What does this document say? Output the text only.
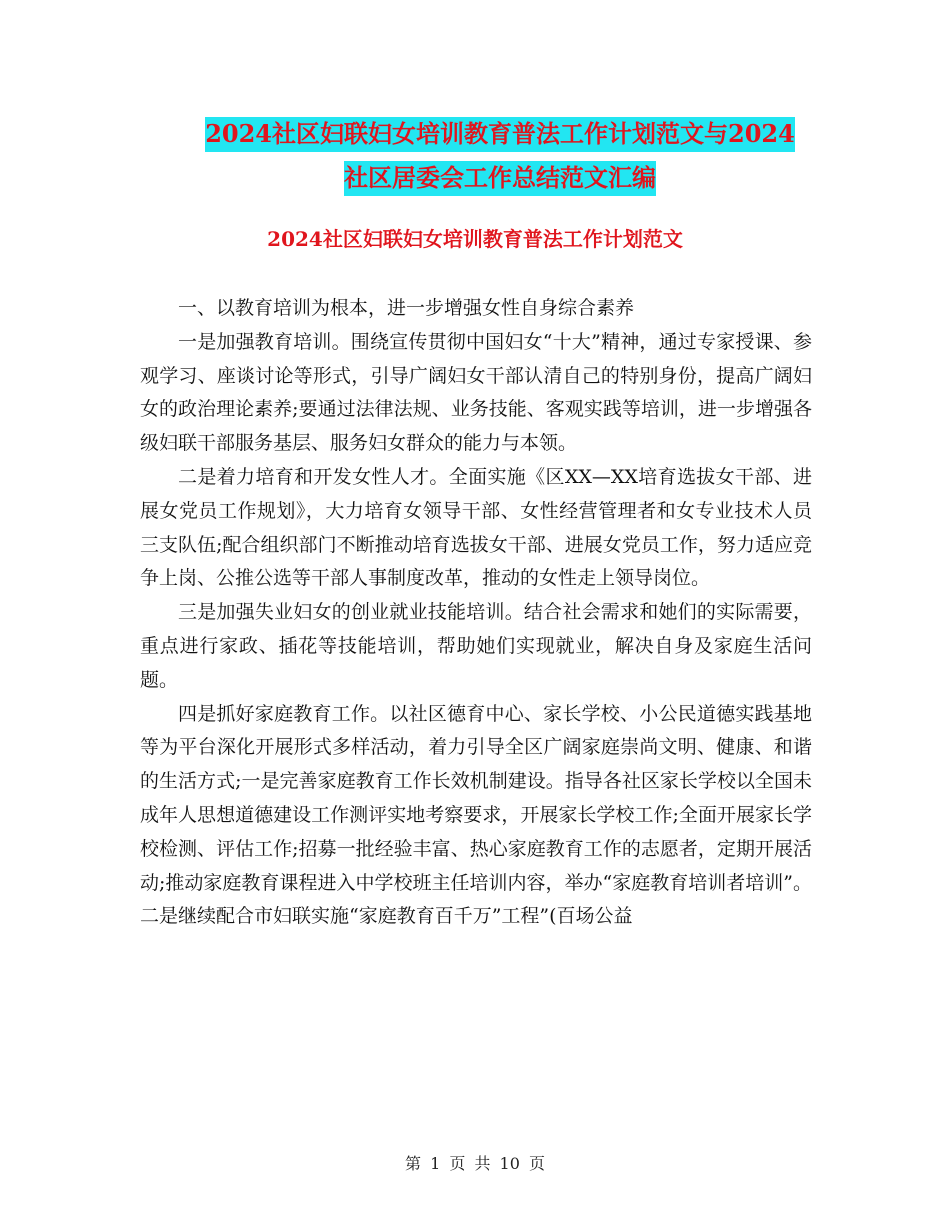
2024社区妇联妇女培训教育普法工作计划范文与2024
社区居委会工作总结范文汇编
2024社区妇联妇女培训教育普法工作计划范文

一、以教育培训为根本，进一步增强女性自身综合素养

一是加强教育培训。围绕宣传贯彻中国妇女“十大”精神，通过专家授课、参观学习、座谈讨论等形式，引导广阔妇女干部认清自己的特别身份，提高广阔妇女的政治理论素养;要通过法律法规、业务技能、客观实践等培训，进一步增强各级妇联干部服务基层、服务妇女群众的能力与本领。

二是着力培育和开发女性人才。全面实施《区XX—XX培育选拔女干部、进展女党员工作规划》，大力培育女领导干部、女性经营管理者和女专业技术人员三支队伍;配合组织部门不断推动培育选拔女干部、进展女党员工作，努力适应竞争上岗、公推公选等干部人事制度改革，推动的女性走上领导岗位。

三是加强失业妇女的创业就业技能培训。结合社会需求和她们的实际需要，重点进行家政、插花等技能培训，帮助她们实现就业，解决自身及家庭生活问题。

四是抓好家庭教育工作。以社区德育中心、家长学校、小公民道德实践基地等为平台深化开展形式多样活动，着力引导全区广阔家庭崇尚文明、健康、和谐的生活方式;一是完善家庭教育工作长效机制建设。指导各社区家长学校以全国未成年人思想道德建设工作测评实地考察要求，开展家长学校工作;全面开展家长学校检测、评估工作;招募一批经验丰富、热心家庭教育工作的志愿者，定期开展活动;推动家庭教育课程进入中学校班主任培训内容，举办“家庭教育培训者培训”。二是继续配合市妇联实施“家庭教育百千万”工程”(百场公益

第 1 页 共 10 页
